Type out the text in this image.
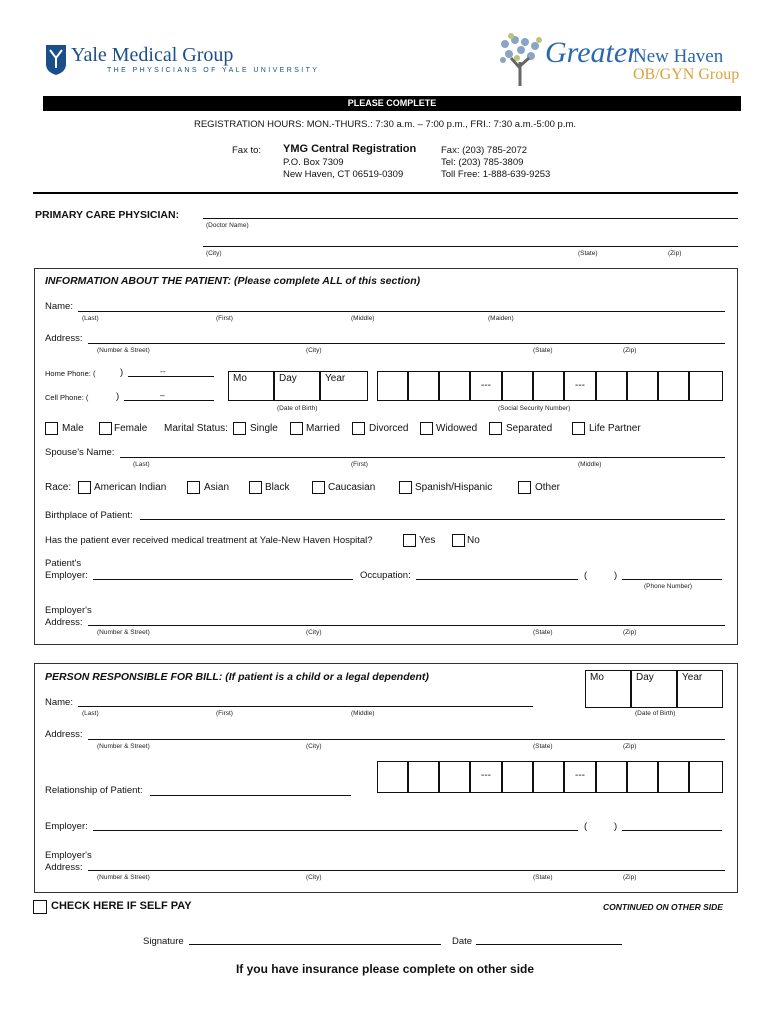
Yale Medical Group
THE PHYSICIANS OF YALE UNIVERSITY
Greater
New Haven
OB/GYN Group
PLEASE COMPLETE
REGISTRATION HOURS: MON.-THURS.: 7:30 a.m. – 7:00 p.m., FRI.: 7:30 a.m.-5:00 p.m.
Fax to: YMG Central Registration
P.O. Box 7309
New Haven, CT 06519-0309
Fax: (203) 785-2072
Tel: (203) 785-3809
Toll Free: 1-888-639-9253
PRIMARY CARE PHYSICIAN:
(Doctor Name)
(City)	(State)	(Zip)
INFORMATION ABOUT THE PATIENT: (Please complete ALL of this section)
Name:
(Last)	(First)	(Middle)	(Maiden)
Address:
(Number & Street)	(City)	(State)	(Zip)
Home Phone: (	)	--
Cell Phone: (	)	–
Mo	Day	Year
(Date of Birth)
---	---
(Social Security Number)
Male	Female Marital Status: Single	Married	Divorced	Widowed	Separated	Life Partner
Spouse's Name:
(Last)	(First)	(Middle)
Race: American Indian	Asian	Black	Caucasian	Spanish/Hispanic	Other
Birthplace of Patient:
Has the patient ever received medical treatment at Yale-New Haven Hospital?	Yes	No
Patient's
Employer:	Occupation:	(	)
(Phone Number)
Employer's
Address:
(Number & Street)	(City)	(State)	(Zip)
PERSON RESPONSIBLE FOR BILL: (If patient is a child or a legal dependent)	Mo	Day	Year
Name:
(Last)	(First)	(Middle)	(Date of Birth)
Address:
(Number & Street)	(City)	(State)	(Zip)
---	---
Relationship of Patient:
Employer:	(	)
Employer's
Address:
(Number & Street)	(City)	(State)	(Zip)
CHECK HERE IF SELF PAY	CONTINUED ON OTHER SIDE
Signature	Date
If you have insurance please complete on other side
